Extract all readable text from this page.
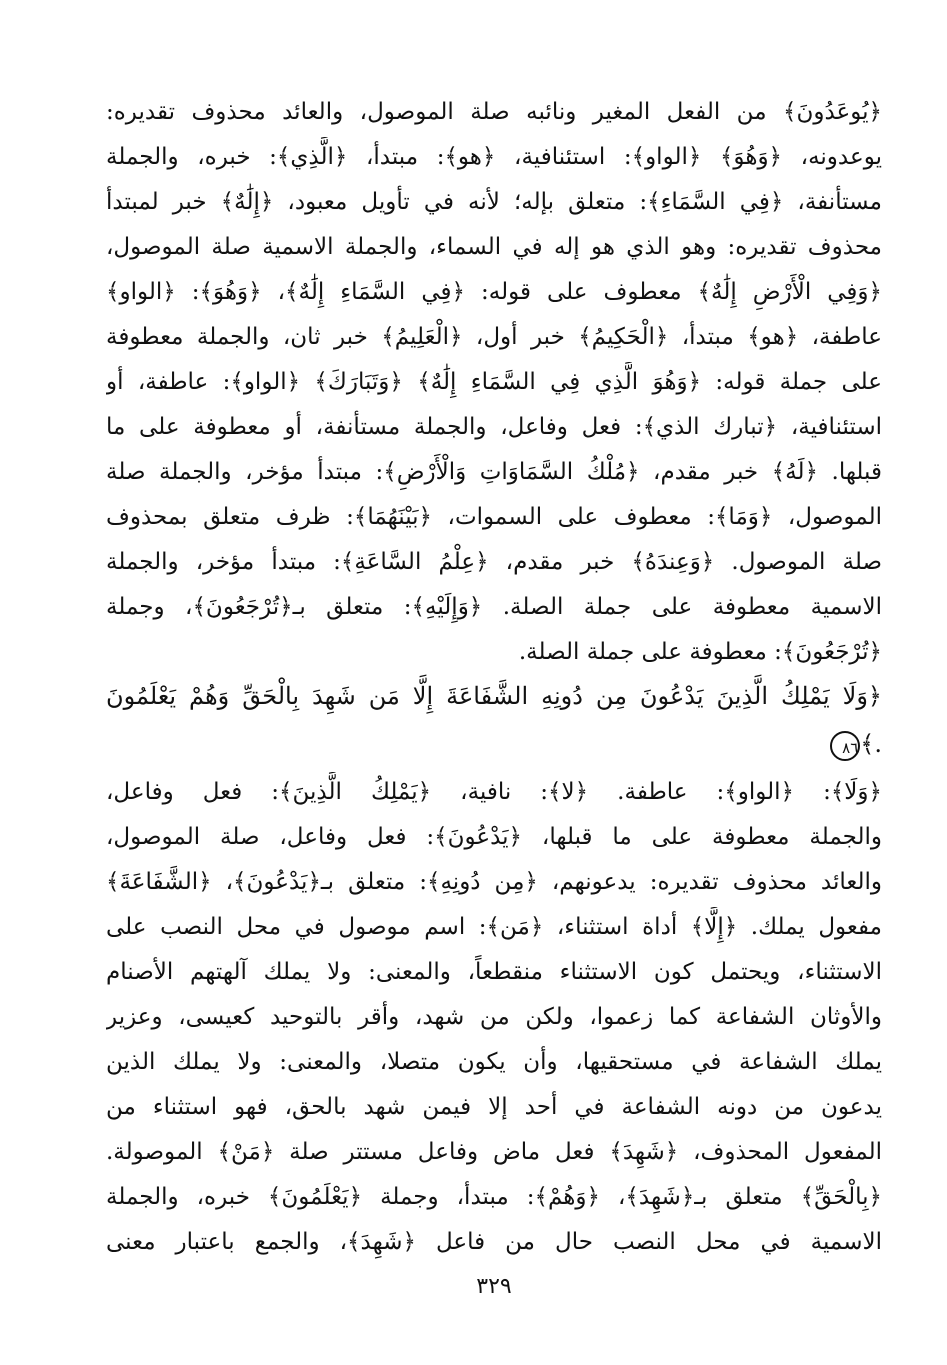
﴿يُوعَدُونَ﴾ من الفعل المغير ونائبه صلة الموصول، والعائد محذوف تقديره:
يوعدونه، ﴿وَهُوَ﴾ ﴿الواو﴾: استئنافية، ﴿هو﴾: مبتدأ، ﴿الَّذِي﴾: خبره، والجملة
مستأنفة، ﴿فِي السَّمَاءِ﴾: متعلق بإله؛ لأنه في تأويل معبود، ﴿إِلَٰهٌ﴾ خبر لمبتدأ
محذوف تقديره: وهو الذي هو إله في السماء، والجملة الاسمية صلة الموصول،
﴿وَفِي الْأَرْضِ إِلَٰهٌ﴾ معطوف على قوله: ﴿فِي السَّمَاءِ إِلَٰهٌ﴾، ﴿وَهُوَ﴾: ﴿الواو﴾
عاطفة، ﴿هو﴾ مبتدأ، ﴿الْحَكِيمُ﴾ خبر أول، ﴿الْعَلِيمُ﴾ خبر ثان، والجملة معطوفة
على جملة قوله: ﴿وَهُوَ الَّذِي فِي السَّمَاءِ إِلَٰهٌ﴾ ﴿وَتَبَارَكَ﴾ ﴿الواو﴾: عاطفة، أو
استئنافية، ﴿تبارك الذي﴾: فعل وفاعل، والجملة مستأنفة، أو معطوفة على ما
قبلها. ﴿لَهُ﴾ خبر مقدم، ﴿مُلْكُ السَّمَاوَاتِ وَالْأَرْضِ﴾: مبتدأ مؤخر، والجملة صلة
الموصول، ﴿وَمَا﴾: معطوف على السموات، ﴿بَيْنَهُمَا﴾: ظرف متعلق بمحذوف
صلة الموصول. ﴿وَعِندَهُ﴾ خبر مقدم، ﴿عِلْمُ السَّاعَةِ﴾: مبتدأ مؤخر، والجملة
الاسمية معطوفة على جملة الصلة. ﴿وَإِلَيْهِ﴾: متعلق بـ﴿تُرْجَعُونَ﴾، وجملة
﴿تُرْجَعُونَ﴾: معطوفة على جملة الصلة.
﴿وَلَا يَمْلِكُ الَّذِينَ يَدْعُونَ مِن دُونِهِ الشَّفَاعَةَ إِلَّا مَن شَهِدَ بِالْحَقِّ وَهُمْ يَعْلَمُونَ
٨٦﴾.
﴿وَلَا﴾: ﴿الواو﴾: عاطفة. ﴿لا﴾: نافية، ﴿يَمْلِكُ الَّذِينَ﴾: فعل وفاعل،
والجملة معطوفة على ما قبلها، ﴿يَدْعُونَ﴾: فعل وفاعل، صلة الموصول،
والعائد محذوف تقديره: يدعونهم، ﴿مِن دُونِهِ﴾: متعلق بـ﴿يَدْعُونَ﴾، ﴿الشَّفَاعَةَ﴾
مفعول يملك. ﴿إِلَّا﴾ أداة استثناء، ﴿مَن﴾: اسم موصول في محل النصب على
الاستثناء، ويحتمل كون الاستثناء منقطعاً، والمعنى: ولا يملك آلهتهم الأصنام
والأوثان الشفاعة كما زعموا، ولكن من شهد، وأقر بالتوحيد كعيسى، وعزير
يملك الشفاعة في مستحقيها، وأن يكون متصلا، والمعنى: ولا يملك الذين
يدعون من دونه الشفاعة في أحد إلا فيمن شهد بالحق، فهو استثناء من
المفعول المحذوف، ﴿شَهِدَ﴾ فعل ماض وفاعل مستتر صلة ﴿مَنْ﴾ الموصولة.
﴿بِالْحَقِّ﴾ متعلق بـ﴿شَهِدَ﴾، ﴿وَهُمْ﴾: مبتدأ، وجملة ﴿يَعْلَمُونَ﴾ خبره، والجملة
الاسمية في محل النصب حال من فاعل ﴿شَهِدَ﴾، والجمع باعتبار معنى
٣٢٩
